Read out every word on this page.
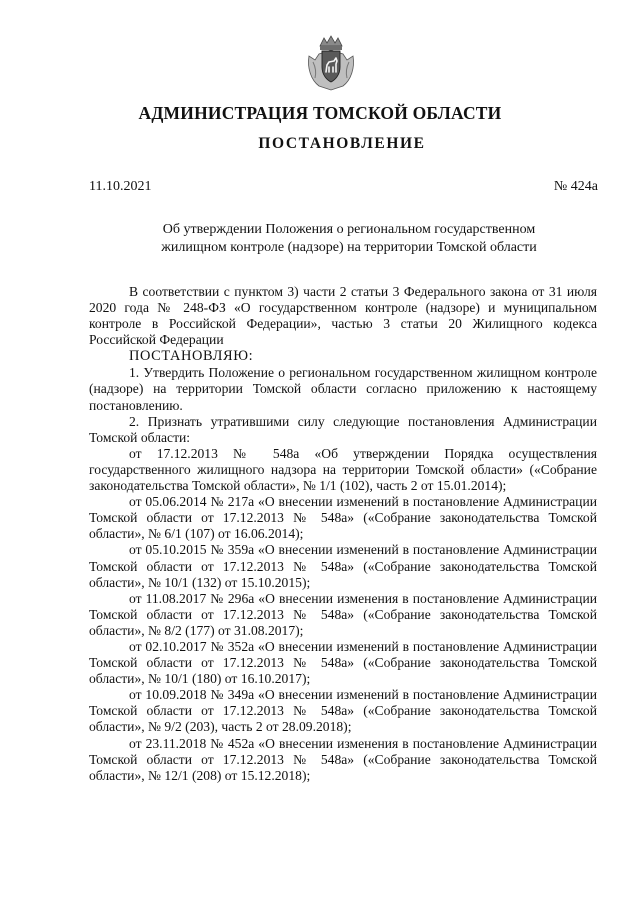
АДМИНИСТРАЦИЯ ТОМСКОЙ ОБЛАСТИ
ПОСТАНОВЛЕНИЕ
11.10.2021	№ 424а
Об утверждении Положения о региональном государственном
жилищном контроле (надзоре) на территории Томской области

В соответствии с пунктом 3) части 2 статьи 3 Федерального закона от 31 июля 2020 года № 248-ФЗ «О государственном контроле (надзоре) и муниципальном контроле в Российской Федерации», частью 3 статьи 20 Жилищного кодекса Российской Федерации

ПОСТАНОВЛЯЮ:

1. Утвердить Положение о региональном государственном жилищном контроле (надзоре) на территории Томской области согласно приложению к настоящему постановлению.

2. Признать утратившими силу следующие постановления Администрации Томской области:

от 17.12.2013 № 548а «Об утверждении Порядка осуществления государственного жилищного надзора на территории Томской области» («Собрание законодательства Томской области», № 1/1 (102), часть 2 от 15.01.2014);

от 05.06.2014 № 217а «О внесении изменений в постановление Администрации Томской области от 17.12.2013 № 548а» («Собрание законодательства Томской области», № 6/1 (107) от 16.06.2014);

от 05.10.2015 № 359а «О внесении изменений в постановление Администрации Томской области от 17.12.2013 № 548а» («Собрание законодательства Томской области», № 10/1 (132) от 15.10.2015);

от 11.08.2017 № 296а «О внесении изменения в постановление Администрации Томской области от 17.12.2013 № 548а» («Собрание законодательства Томской области», № 8/2 (177) от 31.08.2017);

от 02.10.2017 № 352а «О внесении изменений в постановление Администрации Томской области от 17.12.2013 № 548а» («Собрание законодательства Томской области», № 10/1 (180) от 16.10.2017);

от 10.09.2018 № 349а «О внесении изменений в постановление Администрации Томской области от 17.12.2013 № 548а» («Собрание законодательства Томской области», № 9/2 (203), часть 2 от 28.09.2018);

от 23.11.2018 № 452а «О внесении изменения в постановление Администрации Томской области от 17.12.2013 № 548а» («Собрание законодательства Томской области», № 12/1 (208) от 15.12.2018);
